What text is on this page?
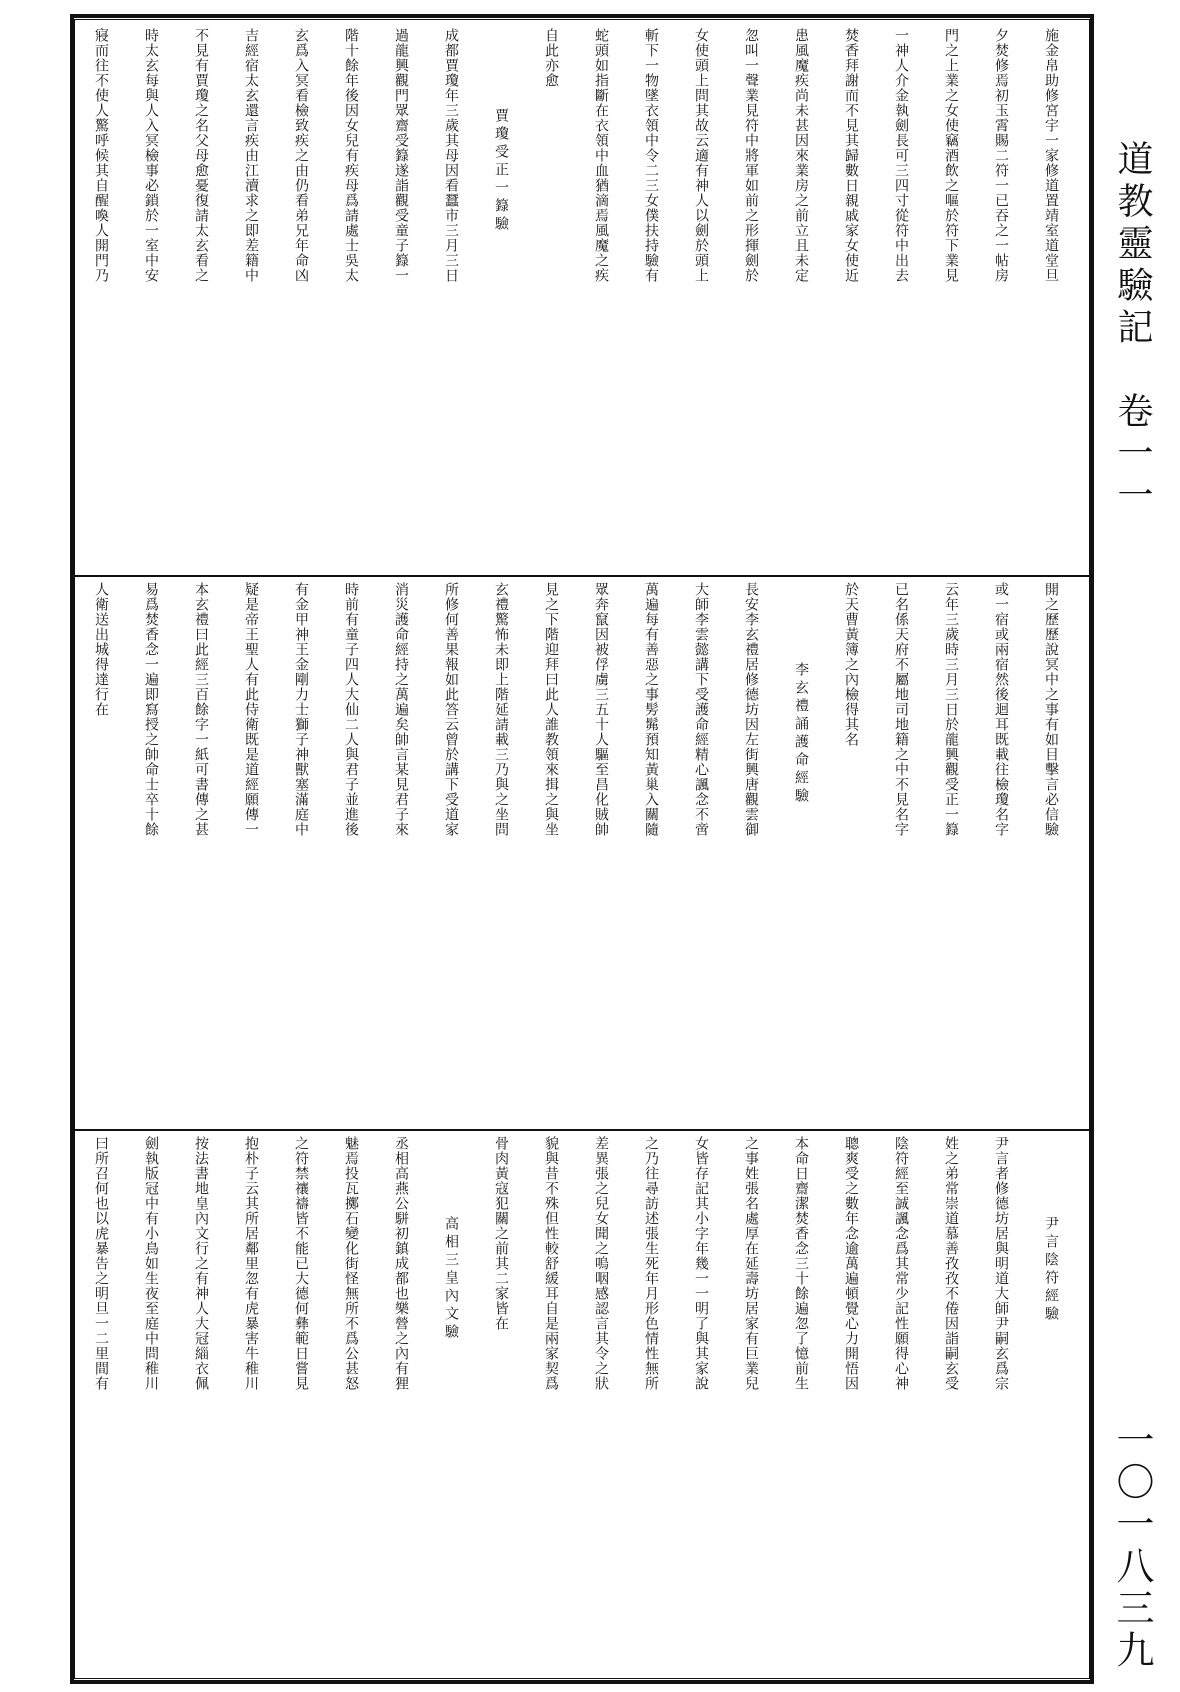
道教靈驗記　卷一一
一〇一八三九
施金帛助修宮宇一家修道置靖室道堂旦
夕焚修焉初玉霄賜二符一已吞之一帖房
門之上業之女使竊酒飲之嘔於符下業見
一神人介金執劍長可三四寸從符中出去
焚香拜謝而不見其歸數日親戚家女使近
患風魔疾尚未甚因來業房之前立且未定
忽叫一聲業見符中將軍如前之形揮劍於
女使頭上問其故云適有神人以劍於頭上
斬下一物墜衣領中令二三女僕扶持驗有
蛇頭如指斷在衣領中血猶滴焉風魔之疾
自此亦愈
賈瓊受正一籙驗
成都賈瓊年三歲其母因看蠶市三月三日
過龍興觀門眾齋受籙遂詣觀受童子籙一
階十餘年後因女兒有疾母爲請處士吳太
玄爲入冥看檢致疾之由仍看弟兄年命凶
吉經宿太玄還言疾由江瀆求之即差籍中
不見有賈瓊之名父母愈憂復請太玄看之
時太玄每與人入冥檢事必鎖於一室中安
寢而往不使人驚呼候其自醒喚人開門乃
開之歷歷說冥中之事有如目擊言必信驗
或一宿或兩宿然後迴耳既載往檢瓊名字
云年三歲時三月三日於龍興觀受正一籙
已名係天府不屬地司地籍之中不見名字
於天曹黃簿之內檢得其名
李玄禮誦護命經驗
長安李玄禮居修德坊因左街興唐觀雲御
大師李雲懿講下受護命經精心諷念不啻
萬遍每有善惡之事髣髴預知黃巢入關隨
眾奔竄因被俘虜三五十人驅至昌化賊帥
見之下階迎拜曰此人誰教領來揖之與坐
玄禮驚怖未即上階延請載三乃與之坐問
所修何善果報如此答云曾於講下受道家
消災護命經持之萬遍矣帥言某見君子來
時前有童子四人大仙二人與君子並進後
有金甲神王金剛力士獅子神獸塞滿庭中
疑是帝王聖人有此侍衛既是道經願傳一
本玄禮曰此經三百餘字一紙可書傳之甚
易爲焚香念一遍即寫授之帥命士卒十餘
人衛送出城得達行在
尹言陰符經驗
尹言者修德坊居與明道大師尹嗣玄爲宗
姓之弟常崇道慕善孜孜不倦因詣嗣玄受
陰符經至誠諷念爲其常少記性願得心神
聰爽受之數年念逾萬遍頓覺心力開悟因
本命日齋潔焚香念三十餘遍忽了憶前生
之事姓張名處厚在延壽坊居家有巨業兒
女皆存記其小字年幾一一明了與其家說
之乃往尋訪述張生死年月形色情性無所
差異張之兒女聞之嗚咽感認言其令之狀
貌與昔不殊但性較舒緩耳自是兩家契爲
骨肉黃寇犯關之前其二家皆在
高相三皇內文驗
丞相高燕公駢初鎮成都也樂營之內有狸
魅焉投瓦擲石變化街怪無所不爲公甚怒
之符禁禳禱皆不能已大德何彝範日嘗見
抱朴子云其所居鄰里忽有虎暴害牛稚川
按法書地皇內文行之有神人大冠緇衣佩
劍執版冠中有小鳥如生夜至庭中問稚川
曰所召何也以虎暴告之明旦一二里間有
